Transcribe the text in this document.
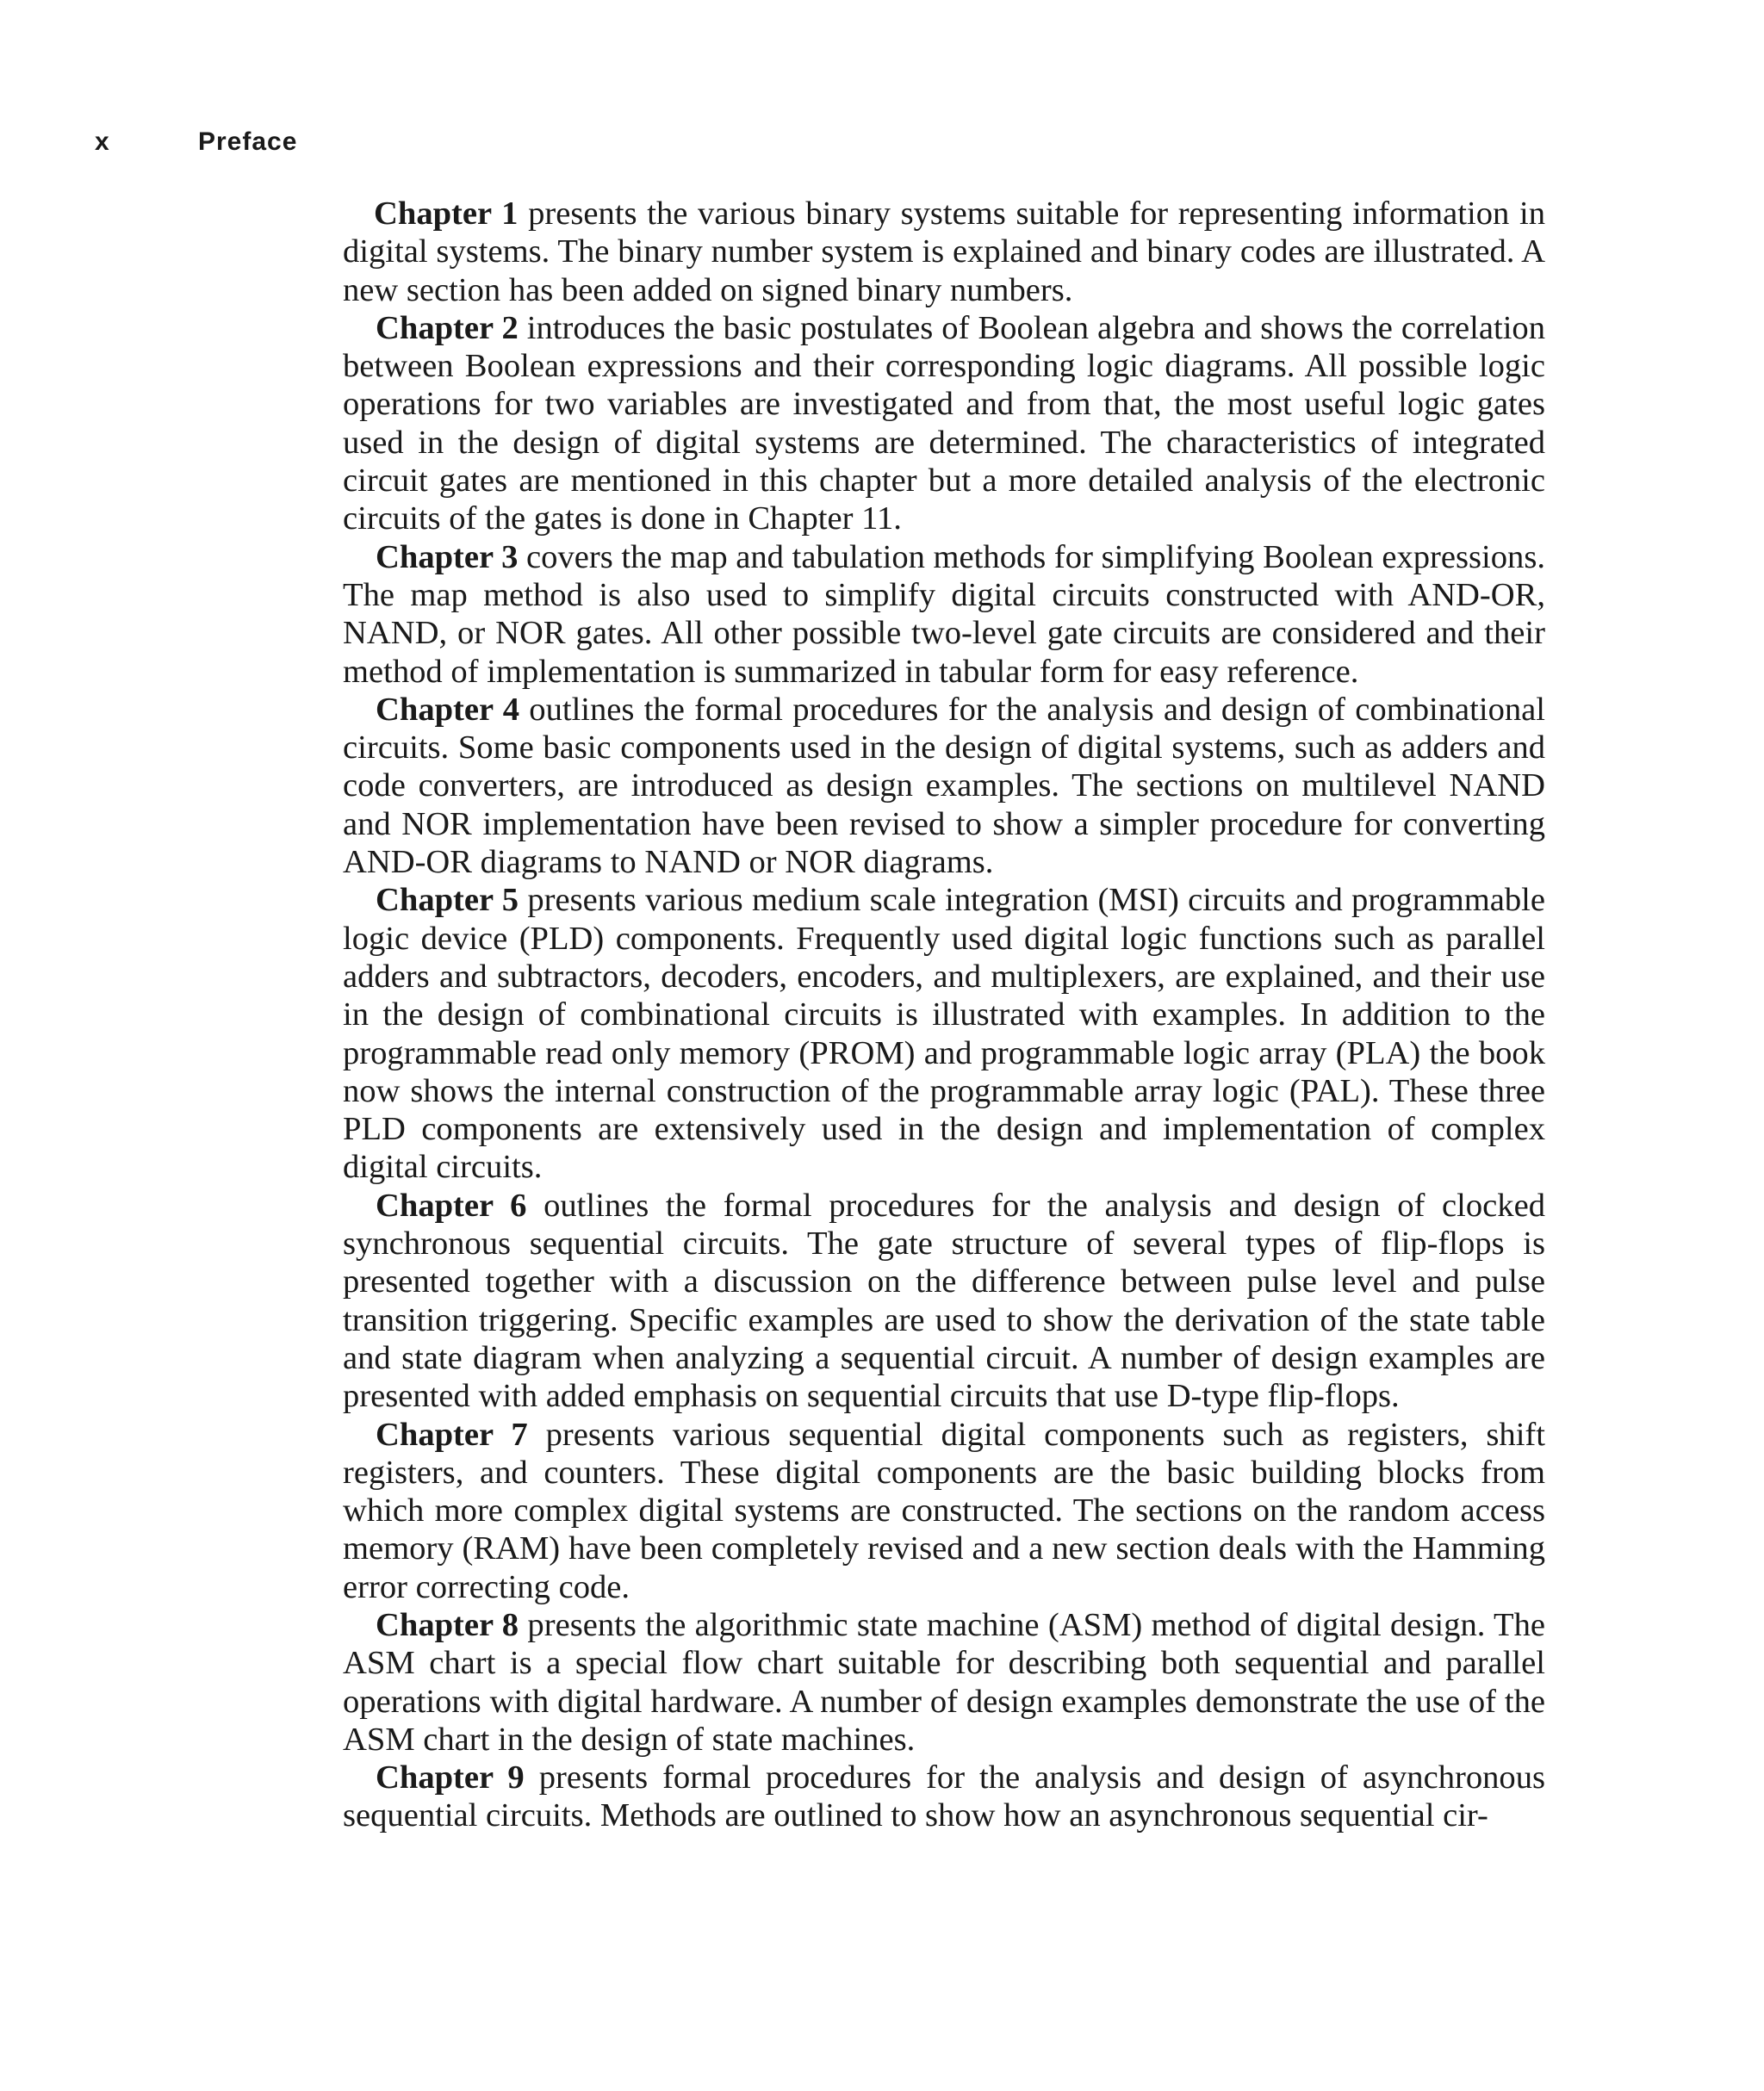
x	Preface

Chapter 1 presents the various binary systems suitable for representing information in digital systems. The binary number system is explained and binary codes are illustrated. A new section has been added on signed binary numbers.

Chapter 2 introduces the basic postulates of Boolean algebra and shows the correlation between Boolean expressions and their corresponding logic diagrams. All possible logic operations for two variables are investigated and from that, the most useful logic gates used in the design of digital systems are determined. The characteristics of integrated circuit gates are mentioned in this chapter but a more detailed analysis of the electronic circuits of the gates is done in Chapter 11.

Chapter 3 covers the map and tabulation methods for simplifying Boolean expressions. The map method is also used to simplify digital circuits constructed with AND-OR, NAND, or NOR gates. All other possible two-level gate circuits are considered and their method of implementation is summarized in tabular form for easy reference.

Chapter 4 outlines the formal procedures for the analysis and design of combinational circuits. Some basic components used in the design of digital systems, such as adders and code converters, are introduced as design examples. The sections on multilevel NAND and NOR implementation have been revised to show a simpler procedure for converting AND-OR diagrams to NAND or NOR diagrams.

Chapter 5 presents various medium scale integration (MSI) circuits and programmable logic device (PLD) components. Frequently used digital logic functions such as parallel adders and subtractors, decoders, encoders, and multiplexers, are explained, and their use in the design of combinational circuits is illustrated with examples. In addition to the programmable read only memory (PROM) and programmable logic array (PLA) the book now shows the internal construction of the programmable array logic (PAL). These three PLD components are extensively used in the design and implementation of complex digital circuits.

Chapter 6 outlines the formal procedures for the analysis and design of clocked synchronous sequential circuits. The gate structure of several types of flip-flops is presented together with a discussion on the difference between pulse level and pulse transition triggering. Specific examples are used to show the derivation of the state table and state diagram when analyzing a sequential circuit. A number of design examples are presented with added emphasis on sequential circuits that use D-type flip-flops.

Chapter 7 presents various sequential digital components such as registers, shift registers, and counters. These digital components are the basic building blocks from which more complex digital systems are constructed. The sections on the random access memory (RAM) have been completely revised and a new section deals with the Hamming error correcting code.

Chapter 8 presents the algorithmic state machine (ASM) method of digital design. The ASM chart is a special flow chart suitable for describing both sequential and parallel operations with digital hardware. A number of design examples demonstrate the use of the ASM chart in the design of state machines.

Chapter 9 presents formal procedures for the analysis and design of asynchronous sequential circuits. Methods are outlined to show how an asynchronous sequential cir-
